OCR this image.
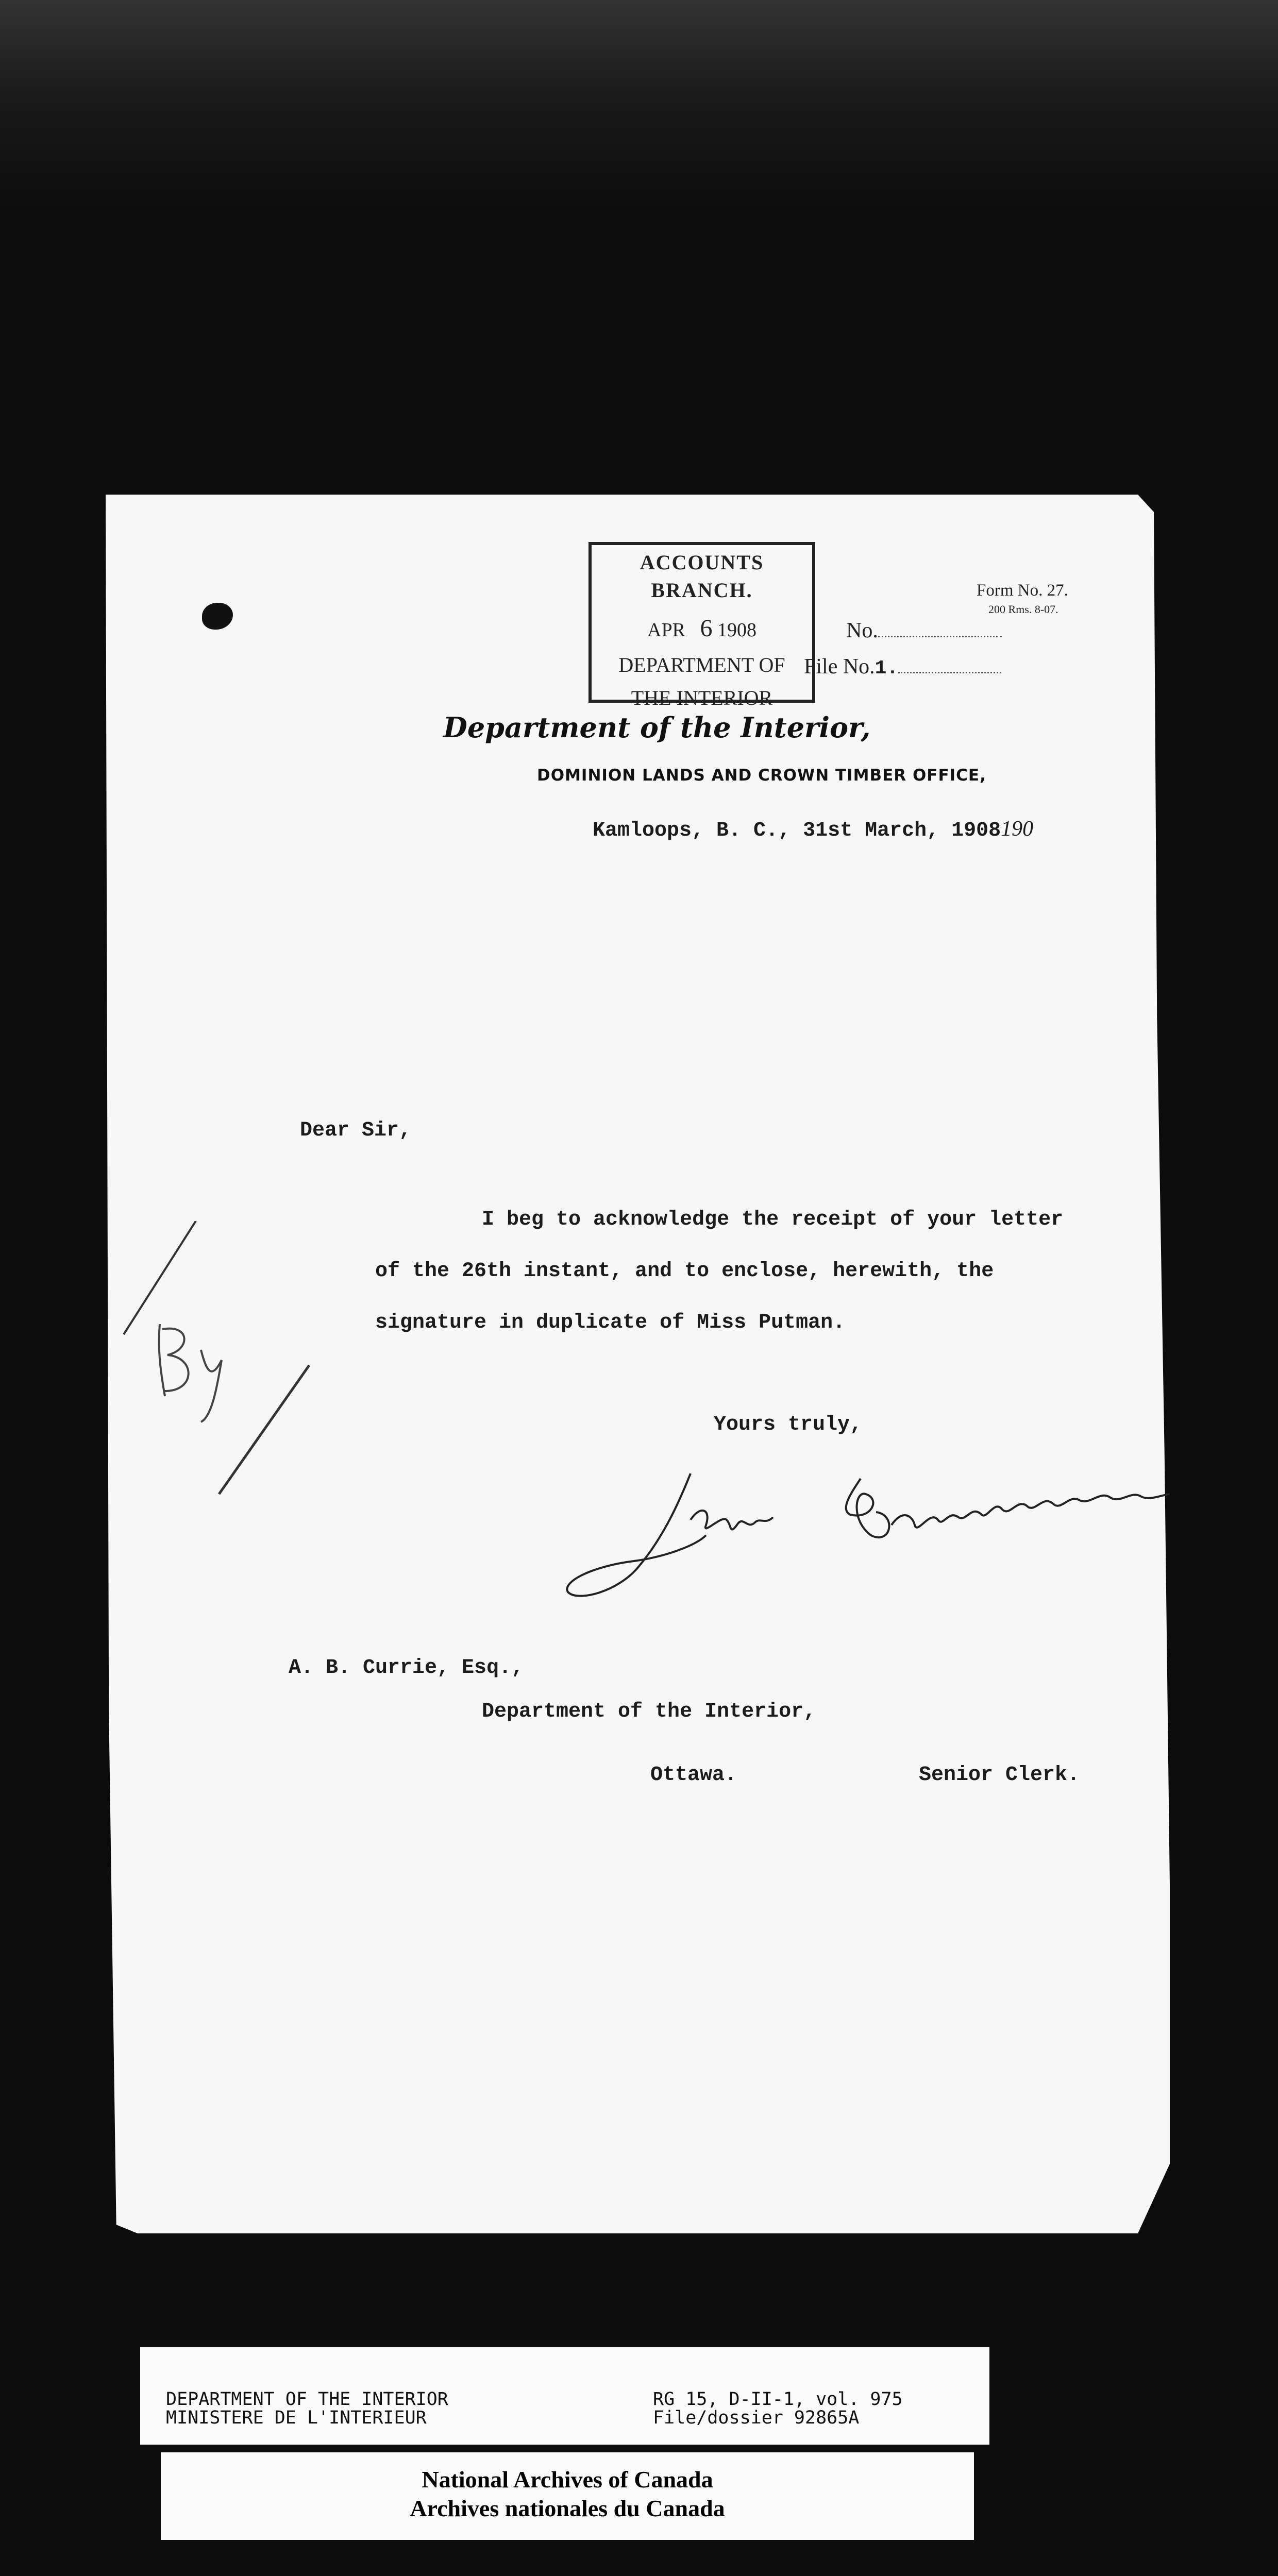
ACCOUNTS
BRANCH.
APR 6 1908
DEPARTMENT OF
THE INTERIOR
Form No. 27.
200 Rms. 8-07.
No.
File No.1.
Department of the Interior,
DOMINION LANDS AND CROWN TIMBER OFFICE,
Kamloops, B. C., 31st March, 1908190
Dear Sir,
I beg to acknowledge the receipt of your letter
of the 26th instant, and to enclose, herewith, the
signature in duplicate of Miss Putman.
Yours truly,
A. B. Currie, Esq.,
Department of the Interior,
Ottawa.	Senior Clerk.
DEPARTMENT OF THE INTERIOR
MINISTERE DE L'INTERIEUR
RG 15, D-II-1, vol. 975
File/dossier 92865A
National Archives of Canada
Archives nationales du Canada
